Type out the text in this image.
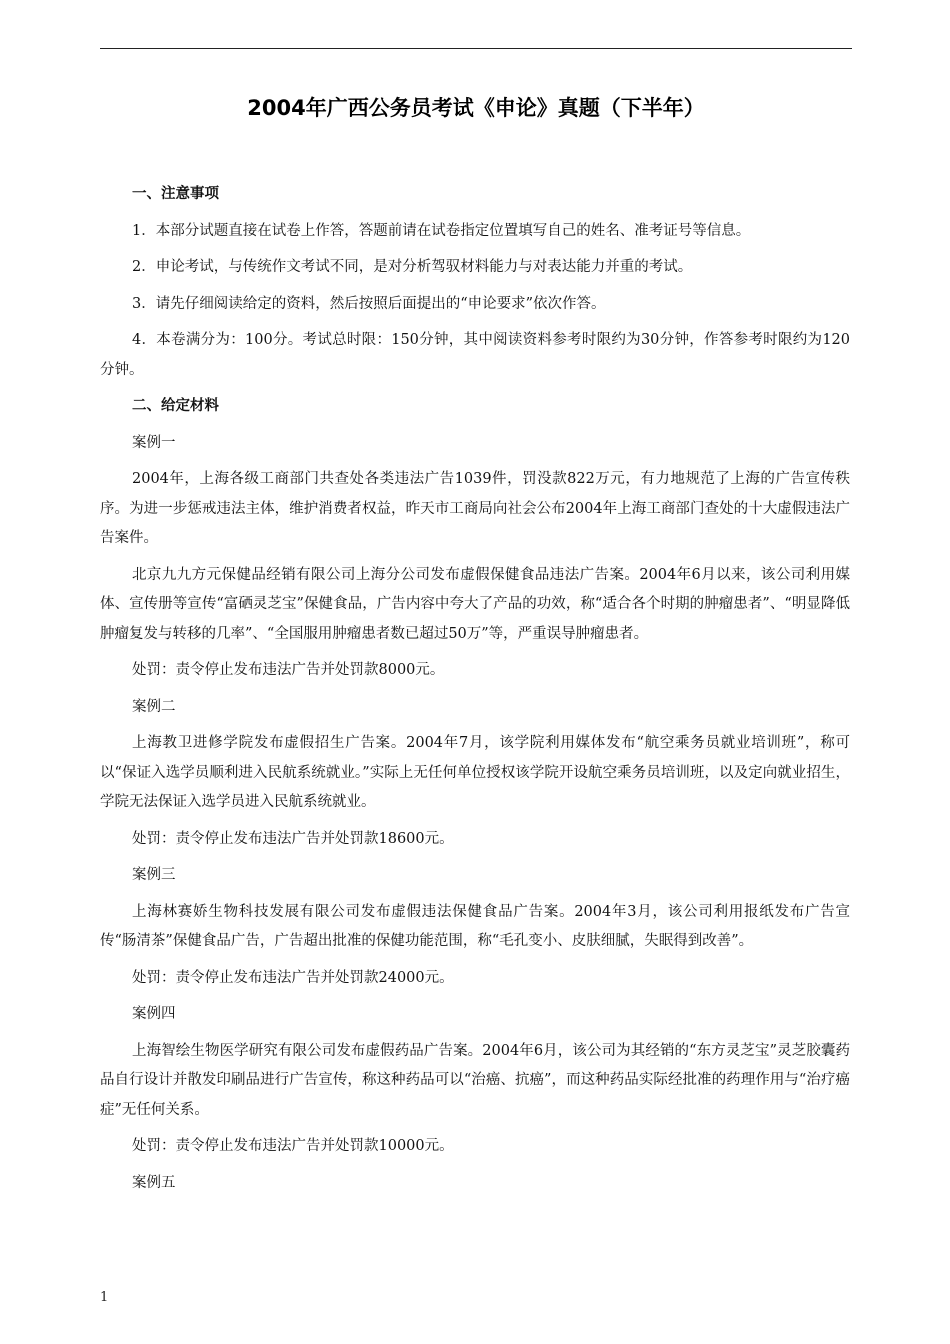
2004年广西公务员考试《申论》真题（下半年）
一、注意事项

1．本部分试题直接在试卷上作答，答题前请在试卷指定位置填写自己的姓名、准考证号等信息。

2．申论考试，与传统作文考试不同，是对分析驾驭材料能力与对表达能力并重的考试。

3．请先仔细阅读给定的资料，然后按照后面提出的“申论要求”依次作答。

4．本卷满分为：100分。考试总时限：150分钟，其中阅读资料参考时限约为30分钟，作答参考时限约为120分钟。

二、给定材料

案例一

2004年，上海各级工商部门共查处各类违法广告1039件，罚没款822万元，有力地规范了上海的广告宣传秩序。为进一步惩戒违法主体，维护消费者权益，昨天市工商局向社会公布2004年上海工商部门查处的十大虚假违法广告案件。

北京九九方元保健品经销有限公司上海分公司发布虚假保健食品违法广告案。2004年6月以来，该公司利用媒体、宣传册等宣传“富硒灵芝宝”保健食品，广告内容中夸大了产品的功效，称“适合各个时期的肿瘤患者”、“明显降低肿瘤复发与转移的几率”、“全国服用肿瘤患者数已超过50万”等，严重误导肿瘤患者。

处罚：责令停止发布违法广告并处罚款8000元。

案例二

上海教卫进修学院发布虚假招生广告案。2004年7月，该学院利用媒体发布“航空乘务员就业培训班”，称可以“保证入选学员顺利进入民航系统就业。”实际上无任何单位授权该学院开设航空乘务员培训班，以及定向就业招生，学院无法保证入选学员进入民航系统就业。

处罚：责令停止发布违法广告并处罚款18600元。

案例三

上海林赛娇生物科技发展有限公司发布虚假违法保健食品广告案。2004年3月，该公司利用报纸发布广告宣传“肠清茶”保健食品广告，广告超出批准的保健功能范围，称“毛孔变小、皮肤细腻，失眠得到改善”。

处罚：责令停止发布违法广告并处罚款24000元。

案例四

上海智绘生物医学研究有限公司发布虚假药品广告案。2004年6月，该公司为其经销的“东方灵芝宝”灵芝胶囊药品自行设计并散发印刷品进行广告宣传，称这种药品可以“治癌、抗癌”，而这种药品实际经批准的药理作用与“治疗癌症”无任何关系。

处罚：责令停止发布违法广告并处罚款10000元。

案例五

1
